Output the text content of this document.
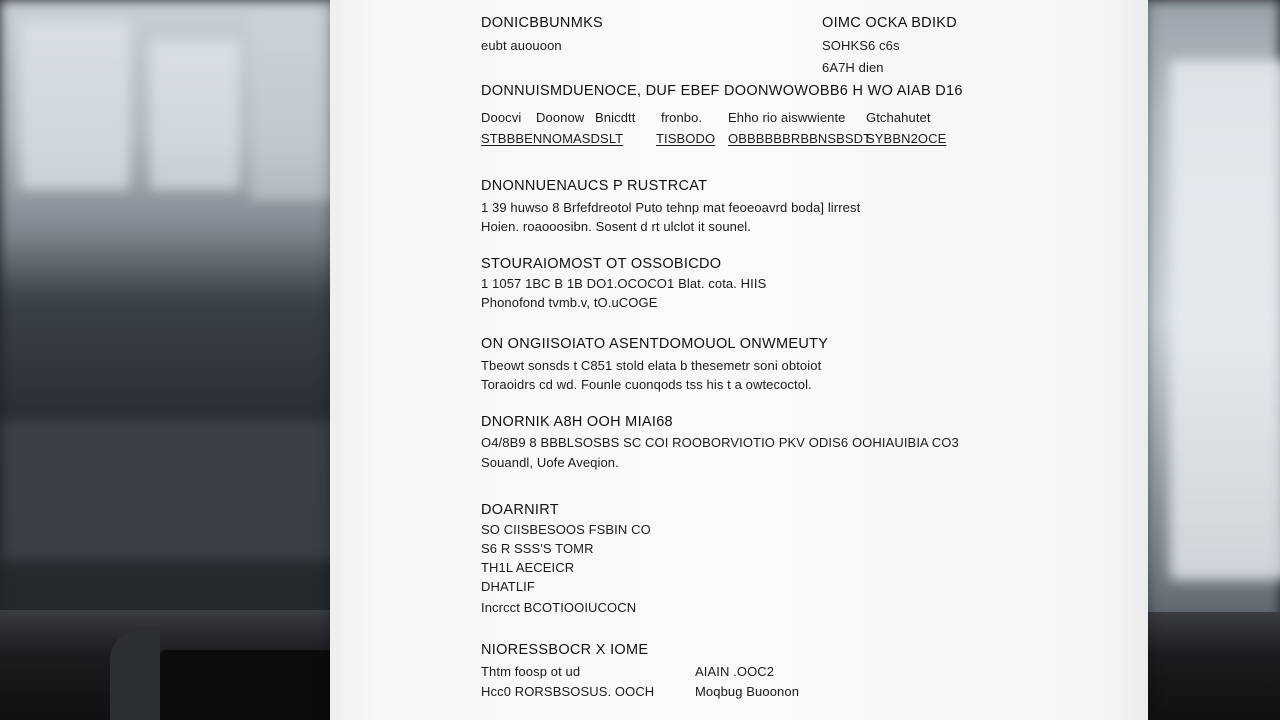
DONICBBUNMKS
eubt auouoon
OIMC OCKA BDIKD
SOHKS6 c6s
6A7H dien
DONNUISMDUENOCE, DUF EBEF DOONWOWOBB6 H WO AIAB D16
Doocvi Doonow Bnicdtt fronbo. Ehho rio aiswwiente Gtchahutet
STBBBENNOMASDSLT	TISBODO OBBBBBBRBBNSBSDT
SYBBN2OCE
DNONNUENAUCS P RUSTRCAT
1 39 huwso 8 Brfefdreotol Puto tehnp mat feoeoavrd boda] lirrest
Hoien. roaooosibn. Sosent d rt ulclot it sounel.
STOURAIOMOST OT OSSOBICDO
1 1057 1BC B 1B DO1.OCOCO1 Blat. cota. HIIS
Phonofond tvmb.v, tO.uCOGE
ON ONGIISOIATO ASENTDOMOUOL ONWMEUTY
Tbeowt sonsds t C851 stold elata b thesemetr soni obtoiot
Toraoidrs cd wd. Founle cuonqods tss his t a owtecoctol.
DNORNIK A8H OOH MIAI68
O4/8B9 8 BBBLSOSBS SC COI ROOBORVIOTIO PKV ODIS6 OOHIAUIBIA CO3
Souandl, Uofe Aveqion.
DOARNIRT
SO CIISBESOOS FSBIN CO
S6 R SSS'S TOMR
TH1L AECEICR
DHATLIF
Incrcct BCOTIOOIUCOCN
NIORESSBOCR X IOME
Thtm foosp ot ud
Hcc0 RORSBSOSUS. OOCH
AIAIN .OOC2
Moqbug Buoonon
